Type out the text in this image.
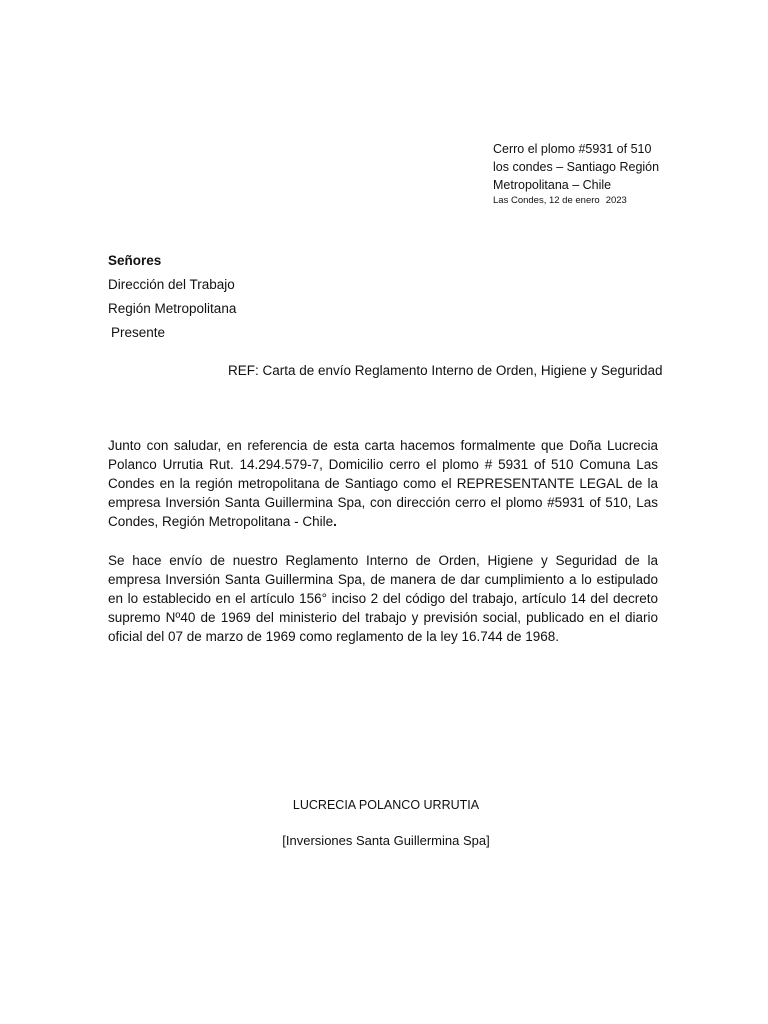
Cerro el plomo #5931 of 510
los condes – Santiago Región
Metropolitana – Chile
Las Condes, 12 de enero 2023
Señores
Dirección del Trabajo
Región Metropolitana
Presente
REF: Carta de envío Reglamento Interno de Orden, Higiene y Seguridad
Junto con saludar, en referencia de esta carta hacemos formalmente que Doña Lucrecia Polanco Urrutia Rut. 14.294.579-7, Domicilio cerro el plomo # 5931 of 510 Comuna Las Condes en la región metropolitana de Santiago como el REPRESENTANTE LEGAL de la empresa Inversión Santa Guillermina Spa, con dirección cerro el plomo #5931 of 510, Las Condes, Región Metropolitana - Chile.
Se hace envío de nuestro Reglamento Interno de Orden, Higiene y Seguridad de la empresa Inversión Santa Guillermina Spa, de manera de dar cumplimiento a lo estipulado en lo establecido en el artículo 156° inciso 2 del código del trabajo, artículo 14 del decreto supremo Nº40 de 1969 del ministerio del trabajo y previsión social, publicado en el diario oficial del 07 de marzo de 1969 como reglamento de la ley 16.744 de 1968.
LUCRECIA POLANCO URRUTIA
[Inversiones Santa Guillermina Spa]
